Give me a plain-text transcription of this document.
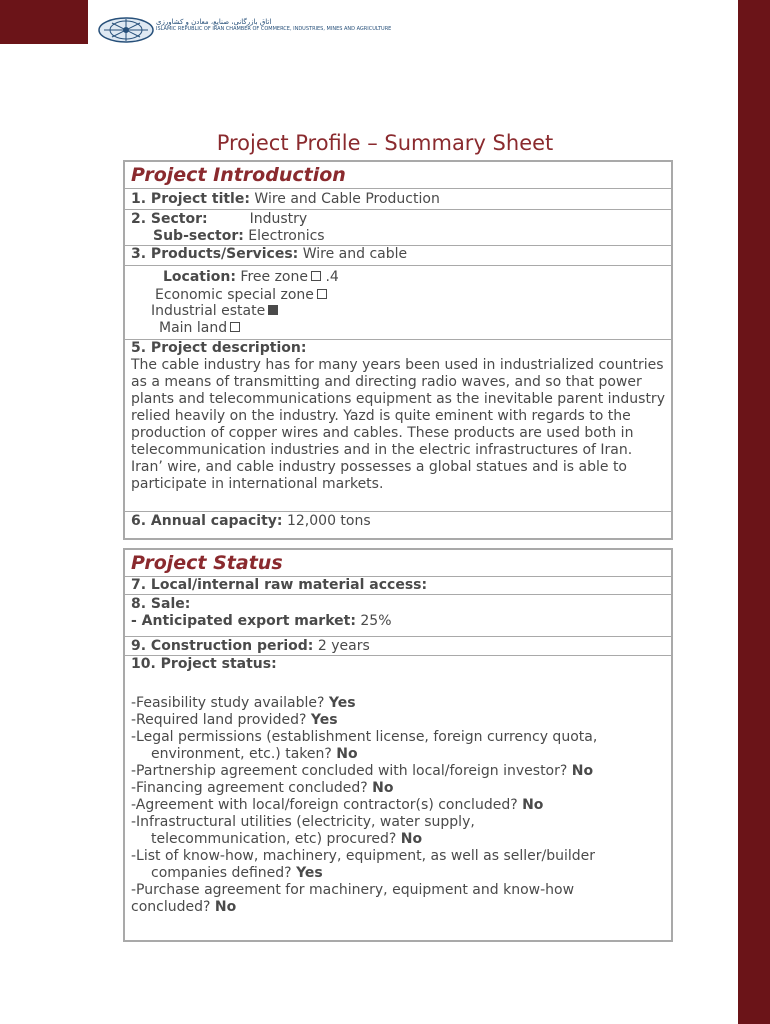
اتاق بازرگانی، صنایع، معادن و کشاورزی
ISLAMIC REPUBLIC OF IRAN CHAMBER OF COMMERCE, INDUSTRIES, MINES AND AGRICULTURE
Project Profile – Summary Sheet
Project Introduction
1. Project title: Wire and Cable Production
2. Sector:	Industry
Sub-sector: Electronics
3. Products/Services: Wire and cable
Location: Free zone .4
Economic special zone
Industrial estate
Main land
5. Project description:
The cable industry has for many years been used in industrialized countries as a means of transmitting and directing radio waves, and so that power plants and telecommunications equipment as the inevitable parent industry relied heavily on the industry. Yazd is quite eminent with regards to the production of copper wires and cables. These products are used both in telecommunication industries and in the electric infrastructures of Iran. Iran’ wire, and cable industry possesses a global statues and is able to participate in international markets.
6. Annual capacity: 12,000 tons
Project Status
7. Local/internal raw material access:
8. Sale:
- Anticipated export market: 25%
9. Construction period: 2 years
10. Project status:
-Feasibility study available? Yes
-Required land provided? Yes
-Legal permissions (establishment license, foreign currency quota,
environment, etc.) taken? No
-Partnership agreement concluded with local/foreign investor? No
-Financing agreement concluded? No
-Agreement with local/foreign contractor(s) concluded? No
-Infrastructural utilities (electricity, water supply,
telecommunication, etc) procured? No
-List of know-how, machinery, equipment, as well as seller/builder
companies defined? Yes
-Purchase agreement for machinery, equipment and know-how
concluded? No
